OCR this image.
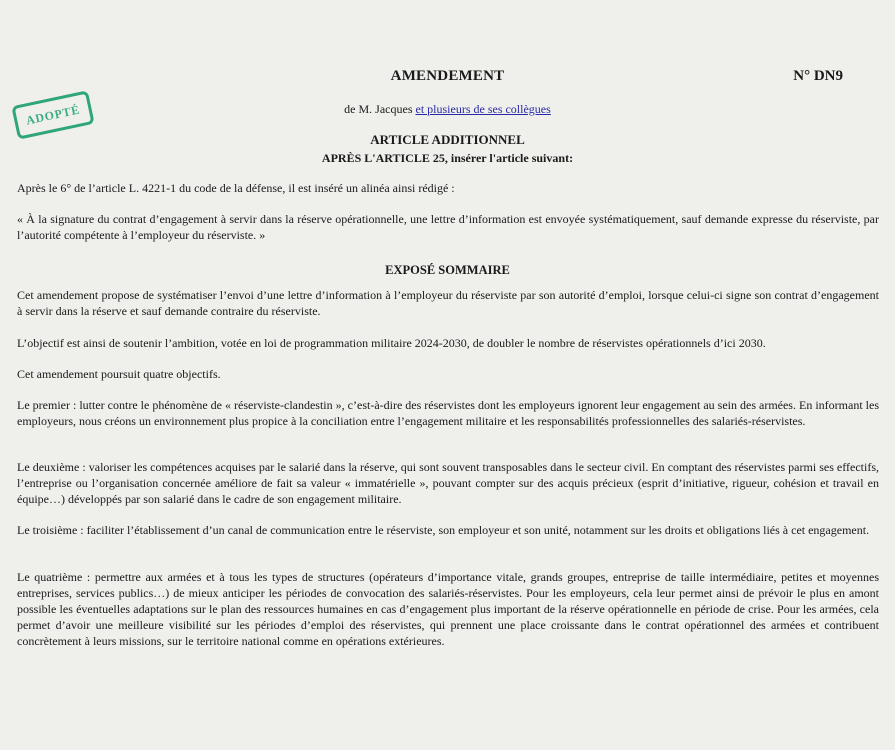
AMENDEMENT	N° DN9
ADOPTÉ	de M. Jacques et plusieurs de ses collègues
ARTICLE ADDITIONNEL
APRÈS L'ARTICLE 25, insérer l'article suivant:

Après le 6° de l’article L. 4221-1 du code de la défense, il est inséré un alinéa ainsi rédigé :

« À la signature du contrat d’engagement à servir dans la réserve opérationnelle, une lettre d’information est envoyée systématiquement, sauf demande expresse du réserviste, par l’autorité compétente à l’employeur du réserviste. »

EXPOSÉ SOMMAIRE

Cet amendement propose de systématiser l’envoi d’une lettre d’information à l’employeur du réserviste par son autorité d’emploi, lorsque celui-ci signe son contrat d’engagement à servir dans la réserve et sauf demande contraire du réserviste.

L’objectif est ainsi de soutenir l’ambition, votée en loi de programmation militaire 2024-2030, de doubler le nombre de réservistes opérationnels d’ici 2030.

Cet amendement poursuit quatre objectifs.

Le premier : lutter contre le phénomène de « réserviste-clandestin », c’est-à-dire des réservistes dont les employeurs ignorent leur engagement au sein des armées. En informant les employeurs, nous créons un environnement plus propice à la conciliation entre l’engagement militaire et les responsabilités professionnelles des salariés-réservistes.

Le deuxième : valoriser les compétences acquises par le salarié dans la réserve, qui sont souvent transposables dans le secteur civil. En comptant des réservistes parmi ses effectifs, l’entreprise ou l’organisation concernée améliore de fait sa valeur « immatérielle », pouvant compter sur des acquis précieux (esprit d’initiative, rigueur, cohésion et travail en équipe…) développés par son salarié dans le cadre de son engagement militaire.

Le troisième : faciliter l’établissement d’un canal de communication entre le réserviste, son employeur et son unité, notamment sur les droits et obligations liés à cet engagement.

Le quatrième : permettre aux armées et à tous les types de structures (opérateurs d’importance vitale, grands groupes, entreprise de taille intermédiaire, petites et moyennes entreprises, services publics…) de mieux anticiper les périodes de convocation des salariés-réservistes. Pour les employeurs, cela leur permet ainsi de prévoir le plus en amont possible les éventuelles adaptations sur le plan des ressources humaines en cas d’engagement plus important de la réserve opérationnelle en période de crise. Pour les armées, cela permet d’avoir une meilleure visibilité sur les périodes d’emploi des réservistes, qui prennent une place croissante dans le contrat opérationnel des armées et contribuent concrètement à leurs missions, sur le territoire national comme en opérations extérieures.
